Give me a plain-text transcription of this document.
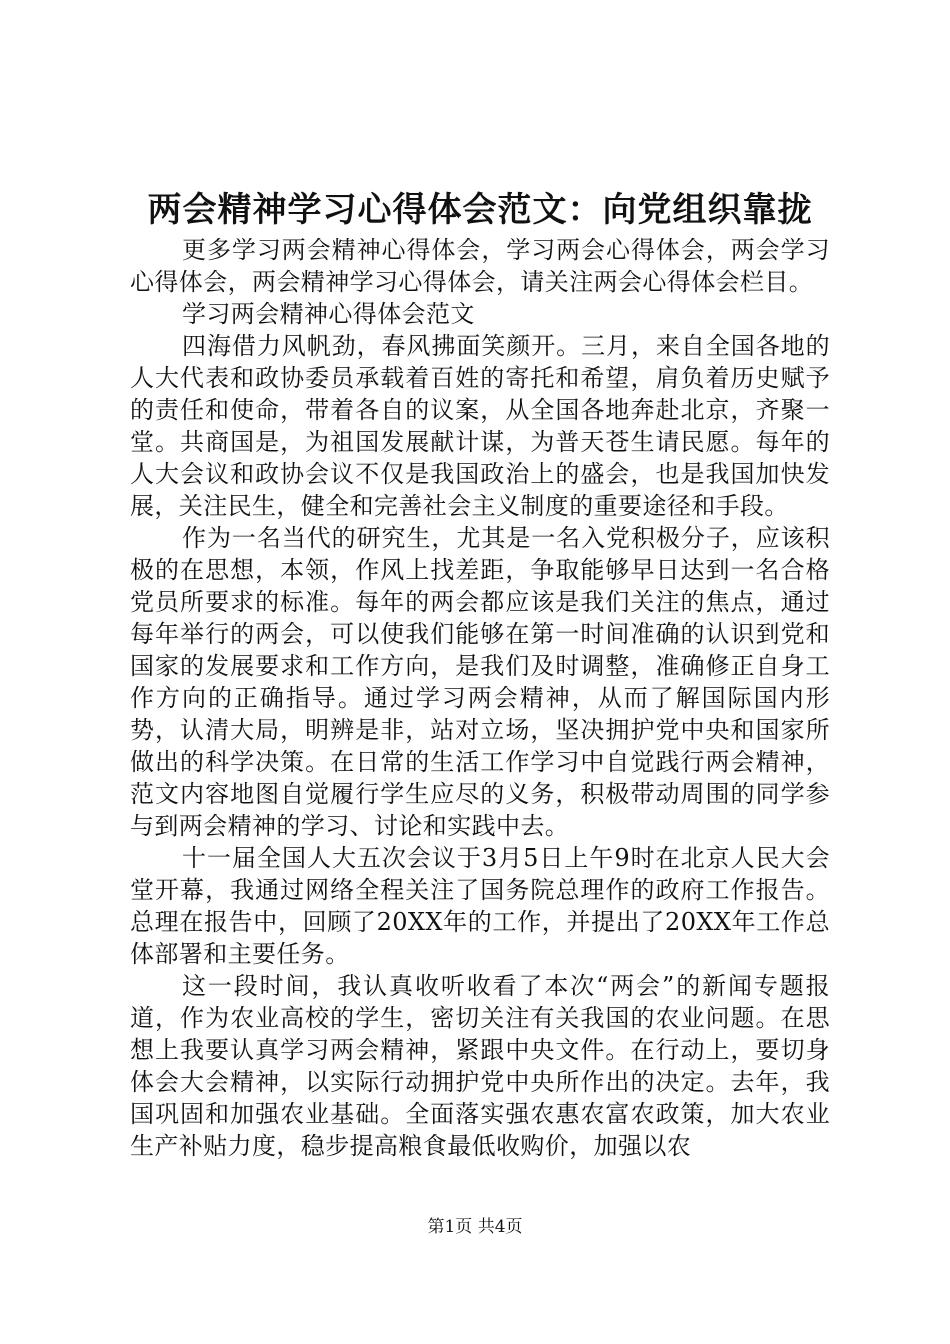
两会精神学习心得体会范文：向党组织靠拢

更多学习两会精神心得体会，学习两会心得体会，两会学习心得体会，两会精神学习心得体会，请关注两会心得体会栏目。

学习两会精神心得体会范文

四海借力风帆劲，春风拂面笑颜开。三月，来自全国各地的人大代表和政协委员承载着百姓的寄托和希望，肩负着历史赋予的责任和使命，带着各自的议案，从全国各地奔赴北京，齐聚一堂。共商国是，为祖国发展献计谋，为普天苍生请民愿。每年的人大会议和政协会议不仅是我国政治上的盛会，也是我国加快发展，关注民生，健全和完善社会主义制度的重要途径和手段。

作为一名当代的研究生，尤其是一名入党积极分子，应该积极的在思想，本领，作风上找差距，争取能够早日达到一名合格党员所要求的标准。每年的两会都应该是我们关注的焦点，通过每年举行的两会，可以使我们能够在第一时间准确的认识到党和国家的发展要求和工作方向，是我们及时调整，准确修正自身工作方向的正确指导。通过学习两会精神，从而了解国际国内形势，认清大局，明辨是非，站对立场，坚决拥护党中央和国家所做出的科学决策。在日常的生活工作学习中自觉践行两会精神，范文内容地图自觉履行学生应尽的义务，积极带动周围的同学参与到两会精神的学习、讨论和实践中去。

十一届全国人大五次会议于3月5日上午9时在北京人民大会堂开幕，我通过网络全程关注了国务院总理作的政府工作报告。总理在报告中，回顾了20XX年的工作，并提出了20XX年工作总体部署和主要任务。

这一段时间，我认真收听收看了本次“两会”的新闻专题报道，作为农业高校的学生，密切关注有关我国的农业问题。在思想上我要认真学习两会精神，紧跟中央文件。在行动上，要切身体会大会精神，以实际行动拥护党中央所作出的决定。去年，我国巩固和加强农业基础。全面落实强农惠农富农政策，加大农业生产补贴力度，稳步提高粮食最低收购价，加强以农

第1页 共4页
